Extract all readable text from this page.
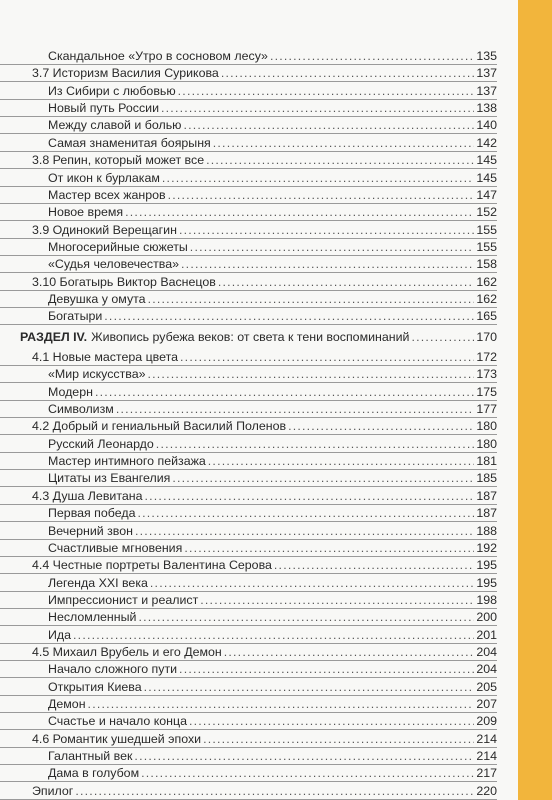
Скандальное «Утро в сосновом лесу» .....	135
3.7 Историзм Василия Сурикова .....	137
Из Сибири с любовью .....	137
Новый путь России .....	138
Между славой и болью .....	140
Самая знаменитая боярыня .....	142
3.8 Репин, который может все .....	145
От икон к бурлакам .....	145
Мастер всех жанров .....	147
Новое время .....	152
3.9 Одинокий Верещагин .....	155
Многосерийные сюжеты .....	155
«Судья человечества» .....	158
3.10 Богатырь Виктор Васнецов .....	162
Девушка у омута .....	162
Богатыри .....	165
РАЗДЕЛ IV. Живопись рубежа веков: от света к тени воспоминаний .....	170
4.1 Новые мастера цвета .....	172
«Мир искусства» .....	173
Модерн .....	175
Символизм .....	177
4.2 Добрый и гениальный Василий Поленов .....	180
Русский Леонардо .....	180
Мастер интимного пейзажа .....	181
Цитаты из Евангелия .....	185
4.3 Душа Левитана .....	187
Первая победа .....	187
Вечерний звон .....	188
Счастливые мгновения .....	192
4.4 Честные портреты Валентина Серова .....	195
Легенда XXI века .....	195
Импрессионист и реалист .....	198
Несломленный .....	200
Ида .....	201
4.5 Михаил Врубель и его Демон .....	204
Начало сложного пути .....	204
Открытия Киева .....	205
Демон .....	207
Счастье и начало конца .....	209
4.6 Романтик ушедшей эпохи .....	214
Галантный век .....	214
Дама в голубом .....	217
Эпилог .....	220
